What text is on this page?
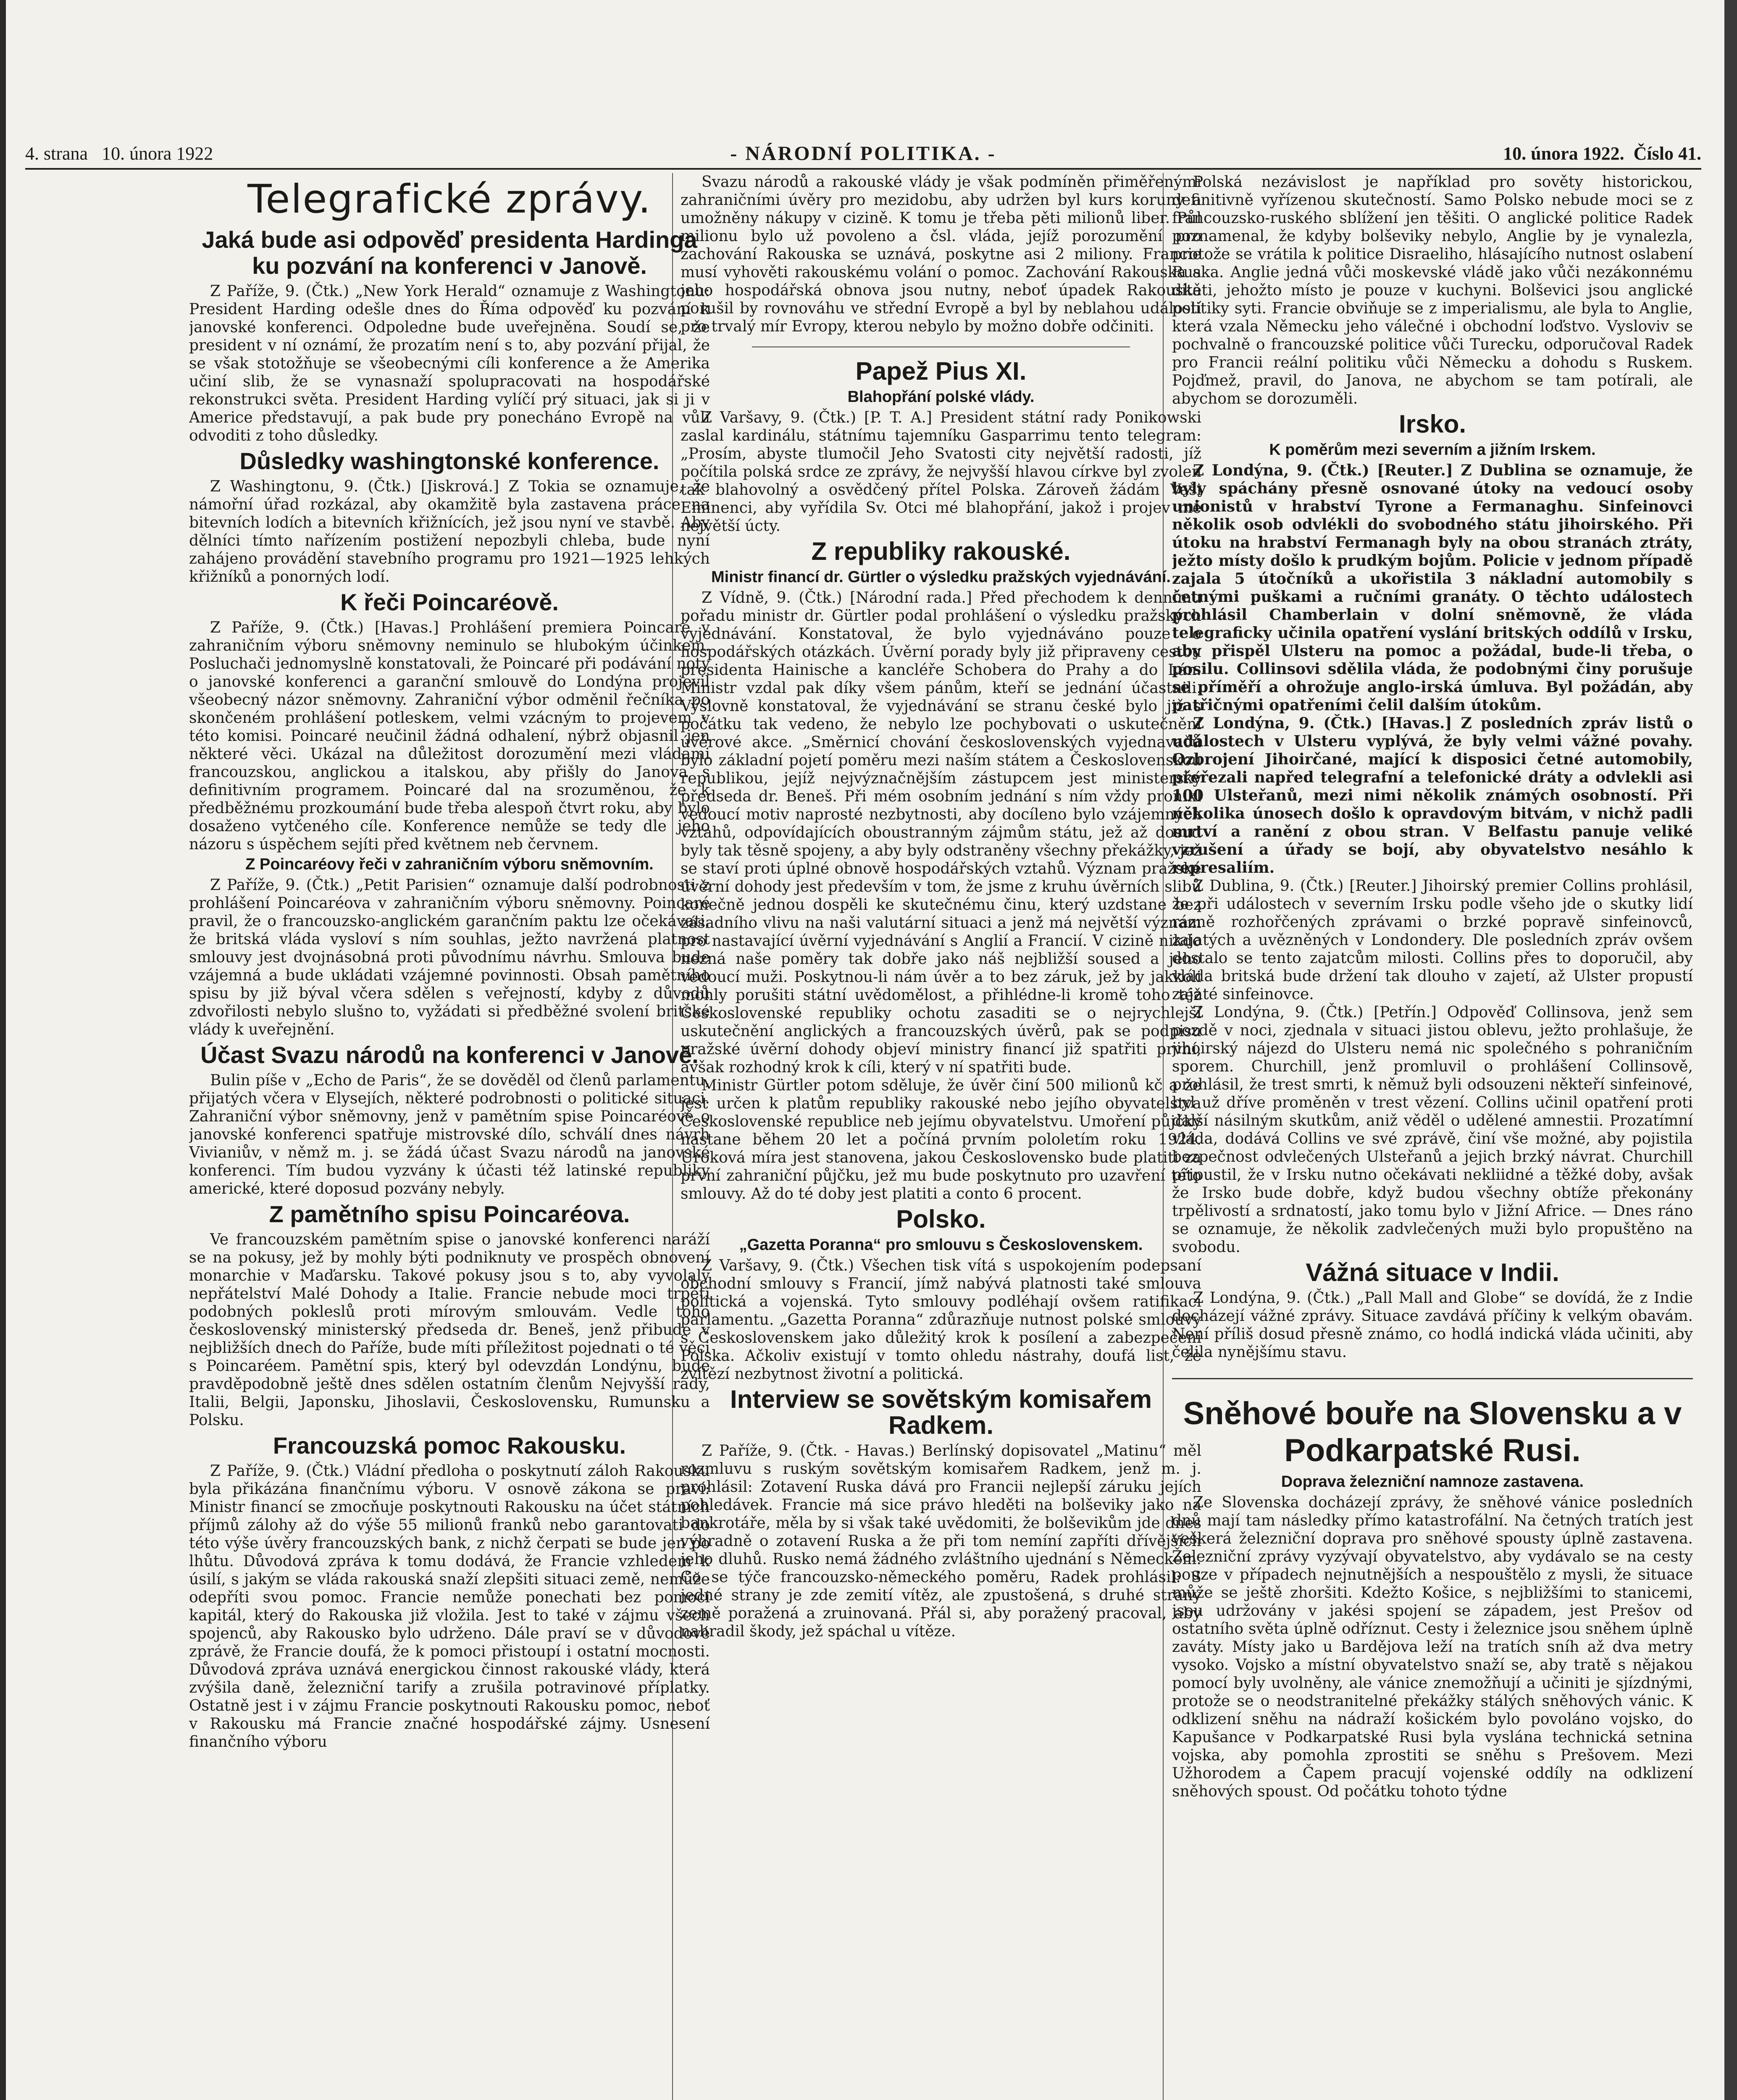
4. strana 10. února 1922	- NÁRODNÍ POLITIKA. -	10. února 1922. Číslo 41.
Telegrafické zprávy.
Jaká bude asi odpověď presidenta Hardinga ku pozvání na konferenci v Janově.

Z Paříže, 9. (Čtk.) „New York Herald“ oznamuje z Washingtonu: President Harding odešle dnes do Říma odpověď ku pozvání k janovské konferenci. Odpoledne bude uveřejněna. Soudí se, že president v ní oznámí, že prozatím není s to, aby pozvání přijal, že se však stotožňuje se všeobecnými cíli konference a že Amerika učiní slib, že se vynasnaží spolupracovati na hospodářské rekonstrukci světa. President Harding vylíčí prý situaci, jak si ji v Americe představují, a pak bude pry ponecháno Evropě na vůli odvoditi z toho důsledky.

Důsledky washingtonské konference.

Z Washingtonu, 9. (Čtk.) [Jiskrová.] Z Tokia se oznamuje, že námořní úřad rozkázal, aby okamžitě byla zastavena práce na bitevních lodích a bitevních křižnících, jež jsou nyní ve stavbě. Aby dělníci tímto nařízením postižení nepozbyli chleba, bude nyní zahájeno provádění stavebního programu pro 1921—1925 lehkých křižníků a ponorných lodí.

K řeči Poincaréově.

Z Paříže, 9. (Čtk.) [Havas.] Prohlášení premiera Poincaré v zahraničním výboru sněmovny neminulo se hlubokým účinkem. Posluchači jednomyslně konstatovali, že Poincaré při podávání noty o janovské konferenci a garanční smlouvě do Londýna projevil všeobecný názor sněmovny. Zahraniční výbor odměnil řečníka po skončeném prohlášení potleskem, velmi vzácným to projevem v této komisi. Poincaré neučinil žádná odhalení, nýbrž objasnil jen některé věci. Ukázal na důležitost dorozumění mezi vládami francouzskou, anglickou a italskou, aby přišly do Janova s definitivním programem. Poincaré dal na srozuměnou, že k předběžnému prozkoumání bude třeba alespoň čtvrt roku, aby bylo dosaženo vytčeného cíle. Konference nemůže se tedy dle jeho názoru s úspěchem sejíti před květnem neb červnem.

Z Poincaréovy řeči v zahraničním výboru sněmovním.

Z Paříže, 9. (Čtk.) „Petit Parisien“ oznamuje další podrobnosti z prohlášení Poincaréova v zahraničním výboru sněmovny. Poincaré pravil, že o francouzsko-anglickém garančním paktu lze očekávati, že britská vláda vysloví s ním souhlas, ježto navržená platnost smlouvy jest dvojnásobná proti původnímu návrhu. Smlouva bude vzájemná a bude ukládati vzájemné povinnosti. Obsah pamětního spisu by již býval včera sdělen s veřejností, kdyby z důvodů zdvořilosti nebylo slušno to, vyžádati si předběžné svolení britské vlády k uveřejnění.

Účast Svazu národů na konferenci v Janově.

Bulin píše v „Echo de Paris“, že se dověděl od členů parlamentu, přijatých včera v Elysejích, některé podrobnosti o politické situaci. Zahraniční výbor sněmovny, jenž v pamětním spise Poincaréově o janovské konferenci spatřuje mistrovské dílo, schválí dnes návrh Vivianiův, v němž m. j. se žádá účast Svazu národů na janovské konferenci. Tím budou vyzvány k účasti též latinské republiky americké, které doposud pozvány nebyly.

Z pamětního spisu Poincaréova.

Ve francouzském pamětním spise o janovské konferenci naráží se na pokusy, jež by mohly býti podniknuty ve prospěch obnovení monarchie v Maďarsku. Takové pokusy jsou s to, aby vyvolaly nepřátelství Malé Dohody a Italie. Francie nebude moci trpěti podobných pokleslů proti mírovým smlouvám. Vedle toho československý ministerský předseda dr. Beneš, jenž přibude v nejbližších dnech do Paříže, bude míti příležitost pojednati o té věci s Poincaréem. Pamětní spis, který byl odevzdán Londýnu, bude pravděpodobně ještě dnes sdělen ostatním členům Nejvyšší rady, Italii, Belgii, Japonsku, Jihoslavii, Československu, Rumunsku a Polsku.

Francouzská pomoc Rakousku.

Z Paříže, 9. (Čtk.) Vládní předloha o poskytnutí záloh Rakousku byla přikázána finančnímu výboru. V osnově zákona se praví: Ministr financí se zmocňuje poskytnouti Rakousku na účet státních příjmů zálohy až do výše 55 milionů franků nebo garantovati do této výše úvěry francouzských bank, z nichž čerpati se bude jen po lhůtu. Důvodová zpráva k tomu dodává, že Francie vzhledem k úsilí, s jakým se vláda rakouská snaží zlepšiti situaci země, nemůže odepříti svou pomoc. Francie nemůže ponechati bez pomoci kapitál, který do Rakouska již vložila. Jest to také v zájmu všech spojenců, aby Rakousko bylo udrženo. Dále praví se v důvodové zprávě, že Francie doufá, že k pomoci přistoupí i ostatní mocnosti. Důvodová zpráva uznává energickou činnost rakouské vlády, která zvýšila daně, železniční tarify a zrušila potravinové příplatky. Ostatně jest i v zájmu Francie poskytnouti Rakousku pomoc, neboť v Rakousku má Francie značné hospodářské zájmy. Usnesení finančního výboru

Svazu národů a rakouské vlády je však podmíněn přiměřenými zahraničními úvěry pro mezidobu, aby udržen byl kurs koruny a umožněny nákupy v cizině. K tomu je třeba pěti milionů liber. Půl milionu bylo už povoleno a čsl. vláda, jejíž porozumění pro zachování Rakouska se uznává, poskytne asi 2 miliony. Francie musí vyhověti rakouskému volání o pomoc. Zachování Rakouska a jeho hospodářská obnova jsou nutny, neboť úpadek Rakouska porušil by rovnováhu ve střední Evropě a byl by neblahou událostí pro trvalý mír Evropy, kterou nebylo by možno dobře odčiniti.

Papež Pius XI.
Blahopřání polské vlády.

Z Varšavy, 9. (Čtk.) [P. T. A.] President státní rady Ponikowski zaslal kardinálu, státnímu tajemníku Gasparrimu tento telegram: „Prosím, abyste tlumočil Jeho Svatosti city největší radosti, jíž počítila polská srdce ze zprávy, že nejvyšší hlavou církve byl zvolen tak blahovolný a osvědčený přítel Polska. Zároveň žádám Vaši Eminenci, aby vyřídila Sv. Otci mé blahopřání, jakož i projev mé největší úcty.

Z republiky rakouské.
Ministr financí dr. Gürtler o výsledku pražských vyjednávání.

Z Vídně, 9. (Čtk.) [Národní rada.] Před přechodem k dennímu pořadu ministr dr. Gürtler podal prohlášení o výsledku pražských vyjednávání. Konstatoval, že bylo vyjednáváno pouze o hospodářských otázkách. Úvěrní porady byly již připraveny cestou presidenta Hainische a kancléře Schobera do Prahy a do Lán. Ministr vzdal pak díky všem pánům, kteří se jednání účastnili. Výslovně konstatoval, že vyjednávání se stranu české bylo již s počátku tak vedeno, že nebylo lze pochybovati o uskutečnění úvěrové akce. „Směrnicí chování československých vyjednavačů bylo základní pojetí poměru mezi naším státem a Československou republikou, jejíž nejvýznačnějším zástupcem jest ministerský předseda dr. Beneš. Při mém osobním jednání s ním vždy pronikl vedoucí motiv naprosté nezbytnosti, aby docíleno bylo vzájemných vztahů, odpovídajících oboustranným zájmům státu, jež až dosud byly tak těsně spojeny, a aby byly odstraněny všechny překážky, jež se staví proti úplné obnově hospodářských vztahů. Význam pražské úvěrní dohody jest především v tom, že jsme z kruhu úvěrních slibů konečně jednou dospěli ke skutečnému činu, který uzdstane bez zásadního vlivu na naši valutární situaci a jenž má největší význam pro nastavající úvěrní vyjednávání s Anglií a Francií. V cizině nikdo nezná naše poměry tak dobře jako náš nejbližší soused a jeho vedoucí muži. Poskytnou-li nám úvěr a to bez záruk, jež by jakkoli mohly porušiti státní uvědomělost, a přihlédne-li kromě toho též Československé republiky ochotu zasaditi se o nejrychlejší uskutečnění anglických a francouzských úvěrů, pak se podpisu pražské úvěrní dohody objeví ministry financí již spatřiti první, avšak rozhodný krok k cíli, který v ní spatřiti bude.

Ministr Gürtler potom sděluje, že úvěr činí 500 milionů kč a že jest určen k platům republiky rakouské nebo jejího obyvatelstva Československé republice neb jejímu obyvatelstvu. Umoření půjčky nastane během 20 let a počíná prvním pololetím roku 1924. Úroková míra jest stanovena, jakou Československo bude platiti za první zahraniční půjčku, jež mu bude poskytnuto pro uzavření této smlouvy. Až do té doby jest platiti a conto 6 procent.

Polsko.
„Gazetta Poranna“ pro smlouvu s Československem.

Z Varšavy, 9. (Čtk.) Všechen tisk vítá s uspokojením podepsaní obchodní smlouvy s Francií, jímž nabývá platnosti také smlouva politická a vojenská. Tyto smlouvy podléhají ovšem ratifikaci parlamentu. „Gazetta Poranna“ zdůrazňuje nutnost polské smlouvy s Československem jako důležitý krok k posílení a zabezpečení Polska. Ačkoliv existují v tomto ohledu nástrahy, doufá list, že zvítězí nezbytnost životní a politická.

Interview se sovětským komisařem Radkem.

Z Paříže, 9. (Čtk. - Havas.) Berlínský dopisovatel „Matinu“ měl rozmluvu s ruským sovětským komisařem Radkem, jenž m. j. prohlásil: Zotavení Ruska dává pro Francii nejlepší záruku jejích pohledávek. Francie má sice právo hleděti na bolševiky jako na bankrotáře, měla by si však také uvědomiti, že bolševikům jde dnes výhradně o zotavení Ruska a že při tom nemíní zapříti dřívějších jeho dluhů. Rusko nemá žádného zvláštního ujednání s Německem. Co se týče francouzsko-německého poměru, Radek prohlásil: S jedné strany je zde zemití vítěz, ale zpustošená, s druhé strany země poražená a zruinovaná. Přál si, aby poražený pracoval, aby nahradil škody, jež spáchal u vítěze.

Polská nezávislost je například pro sověty historickou, definitivně vyřízenou skutečností. Samo Polsko nebude moci se z francouzsko-ruského sblížení jen těšiti. O anglické politice Radek poznamenal, že kdyby bolševiky nebylo, Anglie by je vynalezla, protože se vrátila k politice Disraeliho, hlásajícího nutnost oslabení Ruska. Anglie jedná vůči moskevské vládě jako vůči nezákonnému dítěti, jehožto místo je pouze v kuchyni. Bolševici jsou anglické politiky syti. Francie obviňuje se z imperialismu, ale byla to Anglie, která vzala Německu jeho válečné i obchodní loďstvo. Vysloviv se pochvalně o francouzské politice vůči Turecku, odporučoval Radek pro Francii reální politiku vůči Německu a dohodu s Ruskem. Pojďmež, pravil, do Janova, ne abychom se tam potírali, ale abychom se dorozuměli.

Irsko.
K poměrům mezi severním a jižním Irskem.

Z Londýna, 9. (Čtk.) [Reuter.] Z Dublina se oznamuje, že byly spáchány přesně osnované útoky na vedoucí osoby unionistů v hrabství Tyrone a Fermanaghu. Sinfeinovci několik osob odvlékli do svobodného státu jihoirského. Při útoku na hrabství Fermanagh byly na obou stranách ztráty, ježto místy došlo k prudkým bojům. Policie v jednom případě zajala 5 útočníků a ukořistila 3 nákladní automobily s četnými puškami a ručními granáty. O těchto událostech prohlásil Chamberlain v dolní sněmovně, že vláda telegraficky učinila opatření vyslání britských oddílů v Irsku, aby přispěl Ulsteru na pomoc a požádal, bude-li třeba, o posilu. Collinsovi sdělila vláda, že podobnými činy porušuje se příměří a ohrožuje anglo-irská úmluva. Byl požádán, aby patřičnými opatřeními čelil dalším útokům.

Z Londýna, 9. (Čtk.) [Havas.] Z posledních zpráv listů o událostech v Ulsteru vyplývá, že byly velmi vážné povahy. Ozbrojení Jihoirčané, mající k disposici četné automobily, přeřezali napřed telegrafní a telefonické dráty a odvlekli asi 100 Ulsteřanů, mezi nimi několik známých osobností. Při několika únosech došlo k opravdovým bitvám, v nichž padli mrtví a ranění z obou stran. V Belfastu panuje veliké vzrušení a úřady se bojí, aby obyvatelstvo nesáhlo k represaliím.

Z Dublina, 9. (Čtk.) [Reuter.] Jihoirský premier Collins prohlásil, že při událostech v severním Irsku podle všeho jde o skutky lidí rázně rozhořčených zprávami o brzké popravě sinfeinovců, zajatých a uvězněných v Londondery. Dle posledních zpráv ovšem dostalo se tento zajatcům milosti. Collins přes to doporučil, aby vláda britská bude držení tak dlouho v zajetí, až Ulster propustí zajaté sinfeinovce.

Z Londýna, 9. (Čtk.) [Petřín.] Odpověď Collinsova, jenž sem pozdě v noci, zjednala v situaci jistou oblevu, ježto prohlašuje, že jihoirský nájezd do Ulsteru nemá nic společného s pohraničním sporem. Churchill, jenž promluvil o prohlášení Collinsově, prohlásil, že trest smrti, k němuž byli odsouzeni někteří sinfeinové, byl už dříve proměněn v trest vězení. Collins učinil opatření proti další násilným skutkům, aniž věděl o udělené amnestii. Prozatímní vláda, dodává Collins ve své zprávě, činí vše možné, aby pojistila bezpečnost odvlečených Ulsteřanů a jejich brzký návrat. Churchill připustil, že v Irsku nutno očekávati nekliidné a těžké doby, avšak že Irsko bude dobře, když budou všechny obtíže překonány trpělivostí a srdnatostí, jako tomu bylo v Jižní Africe. — Dnes ráno se oznamuje, že několik zadvlečených muži bylo propuštěno na svobodu.

Vážná situace v Indii.

Z Londýna, 9. (Čtk.) „Pall Mall and Globe“ se dovídá, že z Indie docházejí vážné zprávy. Situace zavdává příčiny k velkým obavám. Není příliš dosud přesně známo, co hodlá indická vláda učiniti, aby čelila nynějšímu stavu.

Sněhové bouře na Slovensku a v Podkarpatské Rusi.
Doprava železniční namnoze zastavena.

Ze Slovenska docházejí zprávy, že sněhové vánice posledních dnů mají tam následky přímo katastrofální. Na četných tratích jest veškerá železniční doprava pro sněhové spousty úplně zastavena. Železniční zprávy vyzývají obyvatelstvo, aby vydávalo se na cesty pouze v případech nejnutnějších a nespouštělo z mysli, že situace může se ještě zhoršiti. Kdežto Košice, s nejbližšími to stanicemi, jsou udržovány v jakési spojení se západem, jest Prešov od ostatního světa úplně odříznut. Cesty i železnice jsou sněhem úplně zaváty. Místy jako u Bardějova leží na tratích sníh až dva metry vysoko. Vojsko a místní obyvatelstvo snaží se, aby tratě s nějakou pomocí byly uvolněny, ale vánice znemožňují a učiniti je sjízdnými, protože se o neodstranitelné překážky stálých sněhových vánic. K odklizení sněhu na nádraží košickém bylo povoláno vojsko, do Kapušance v Podkarpatské Rusi byla vyslána technická setnina vojska, aby pomohla zprostiti se sněhu s Prešovem. Mezi Užhorodem a Čapem pracují vojenské oddíly na odklizení sněhových spoust. Od počátku tohoto týdne
